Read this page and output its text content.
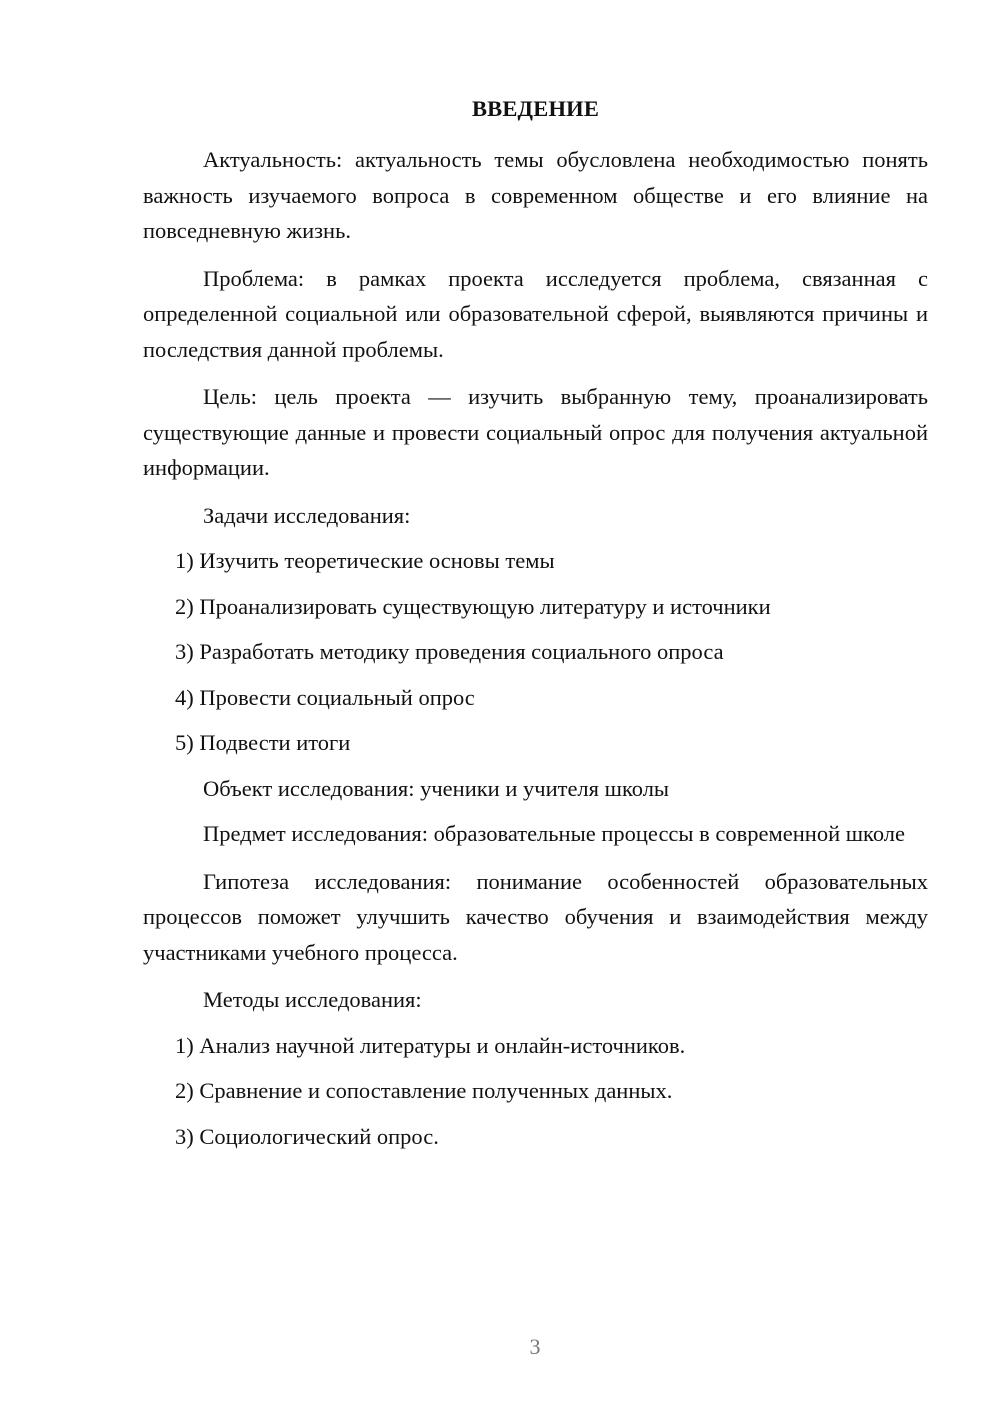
ВВЕДЕНИЕ

Актуальность: актуальность темы обусловлена необходимостью понять важность изучаемого вопроса в современном обществе и его влияние на повседневную жизнь.

Проблема: в рамках проекта исследуется проблема, связанная с определенной социальной или образовательной сферой, выявляются причины и последствия данной проблемы.

Цель: цель проекта — изучить выбранную тему, проанализировать существующие данные и провести социальный опрос для получения актуальной информации.

Задачи исследования:
1) Изучить теоретические основы темы
2) Проанализировать существующую литературу и источники
3) Разработать методику проведения социального опроса
4) Провести социальный опрос
5) Подвести итоги
Объект исследования: ученики и учителя школы

Предмет исследования: образовательные процессы в современной школе

Гипотеза исследования: понимание особенностей образовательных процессов поможет улучшить качество обучения и взаимодействия между участниками учебного процесса.

Методы исследования:
1) Анализ научной литературы и онлайн-источников.
2) Сравнение и сопоставление полученных данных.
3) Социологический опрос.
3
